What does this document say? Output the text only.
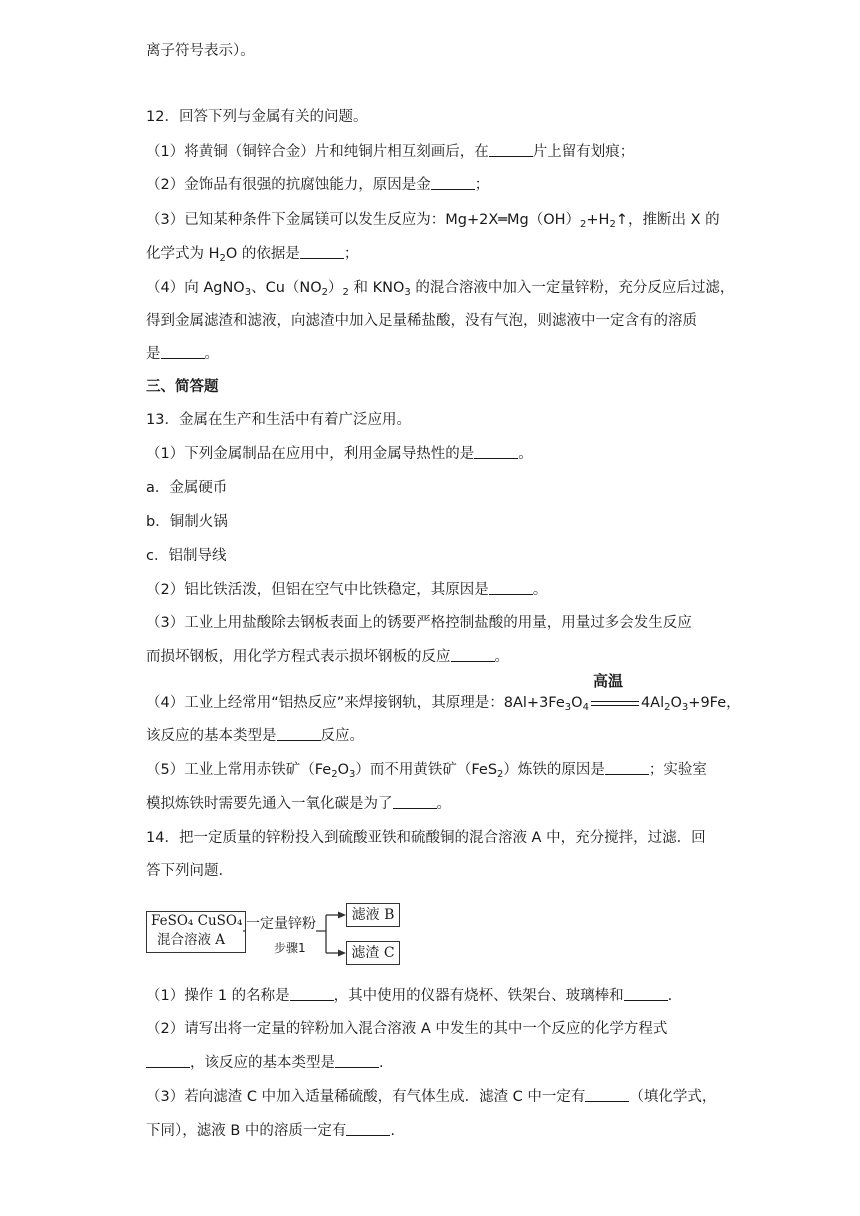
离子符号表示）。
12．回答下列与金属有关的问题。
（1）将黄铜（铜锌合金）片和纯铜片相互刻画后，在	片上留有划痕；
（2）金饰品有很强的抗腐蚀能力，原因是金	；
（3）已知某种条件下金属镁可以发生反应为：$Mg+2X═Mg(OH)_2+H_2↑$，推断出 X 的
化学式为 $H_2O$ 的依据是	；
（4）向 AgNO$_3$、$Cu(NO_2)_2$ 和 $KNO_3$ 的混合溶液中加入一定量锌粉，充分反应后过滤，
得到金属滤渣和滤液，向滤渣中加入足量稀盐酸，没有气泡，则滤液中一定含有的溶质
是	。
三、简答题
13．金属在生产和生活中有着广泛应用。
（1）下列金属制品在应用中，利用金属导热性的是	。
a．金属硬币
b．铜制火锅
c．铝制导线
（2）铝比铁活泼，但铝在空气中比铁稳定，其原因是	。
（3）工业上用盐酸除去钢板表面上的锈要严格控制盐酸的用量，用量过多会发生反应
而损坏钢板，用化学方程式表示损坏钢板的反应	。
（4）工业上经常用“铝热反应”来焊接钢轨，其原理是：$8Al+3Fe_3O_4$
高温
$4Al_2O_3+9Fe$，
该反应的基本类型是	反应。
（5）工业上常用赤铁矿$(Fe_2O_3)$而不用黄铁矿（FeS$_2$）炼铁的原因是	；实验室
模拟炼铁时需要先通入一氧化碳是为了	。
14．把一定质量的锌粉投入到硫酸亚铁和硫酸铜的混合溶液 A 中，充分搅拌，过滤．回
答下列问题．
FeSO₄ CuSO₄
混合溶液 A
一定量锌粉
步骤1
滤液 B
滤渣 C
（1）操作 1 的名称是	，其中使用的仪器有烧杯、铁架台、玻璃棒和	.
（2）请写出将一定量的锌粉加入混合溶液 A 中发生的其中一个反应的化学方程式
，该反应的基本类型是	.
（3）若向滤渣 C 中加入适量稀硫酸，有气体生成．滤渣 C 中一定有	（填化学式，
下同），滤液 B 中的溶质一定有	.
